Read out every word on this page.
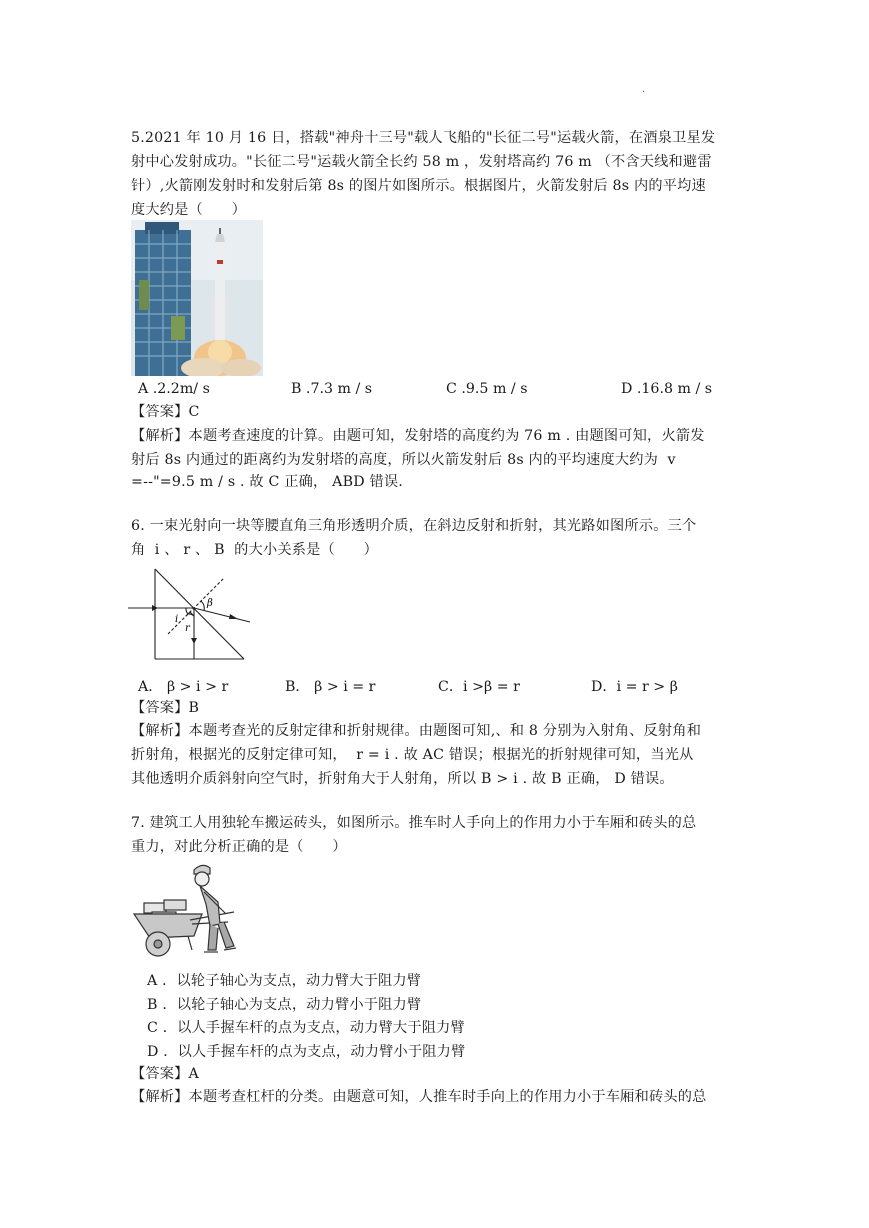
.
5.2021 年 10 月 16 日，搭载"神舟十三号"载人飞船的"长征二号"运载火箭，在酒泉卫星发
射中心发射成功。"长征二号"运载火箭全长约 58 m ，发射塔高约 76 m （不含天线和避雷
针）,火箭刚发射时和发射后第 8s 的图片如图所示。根据图片，火箭发射后 8s 内的平均速
度大约是（　　）
A .2.2m/ s	B .7.3 m / s	C .9.5 m / s	D .16.8 m / s
【答案】C
【解析】本题考查速度的计算。由题可知，发射塔的高度约为 76 m . 由题图可知，火箭发
射后 8s 内通过的距离约为发射塔的高度，所以火箭发射后 8s 内的平均速度大约为  v
=--"=9.5 m / s . 故 C 正确， ABD 错误.
6. 一束光射向一块等腰直角三角形透明介质，在斜边反射和折射，其光路如图所示。三个
角  i 、 r 、 B  的大小关系是（　　）
i
r
β
A． β > i > r	B． β > i = r	C．i >β = r	D．i = r > β
【答案】B
【解析】本题考查光的反射定律和折射规律。由题图可知,、和 8 分别为入射角、反射角和
折射角，根据光的反射定律可知，  r = i . 故 AC 错误；根据光的折射规律可知，当光从
其他透明介质斜射向空气时，折射角大于人射角，所以 B > i . 故 B 正确， D 错误。
7. 建筑工人用独轮车搬运砖头，如图所示。推车时人手向上的作用力小于车厢和砖头的总
重力，对此分析正确的是（　　）
A ．以轮子轴心为支点，动力臂大于阻力臂
B ．以轮子轴心为支点，动力臂小于阻力臂
C ．以人手握车杆的点为支点，动力臂大于阻力臂
D ．以人手握车杆的点为支点，动力臂小于阻力臂
【答案】A
【解析】本题考查杠杆的分类。由题意可知，人推车时手向上的作用力小于车厢和砖头的总
